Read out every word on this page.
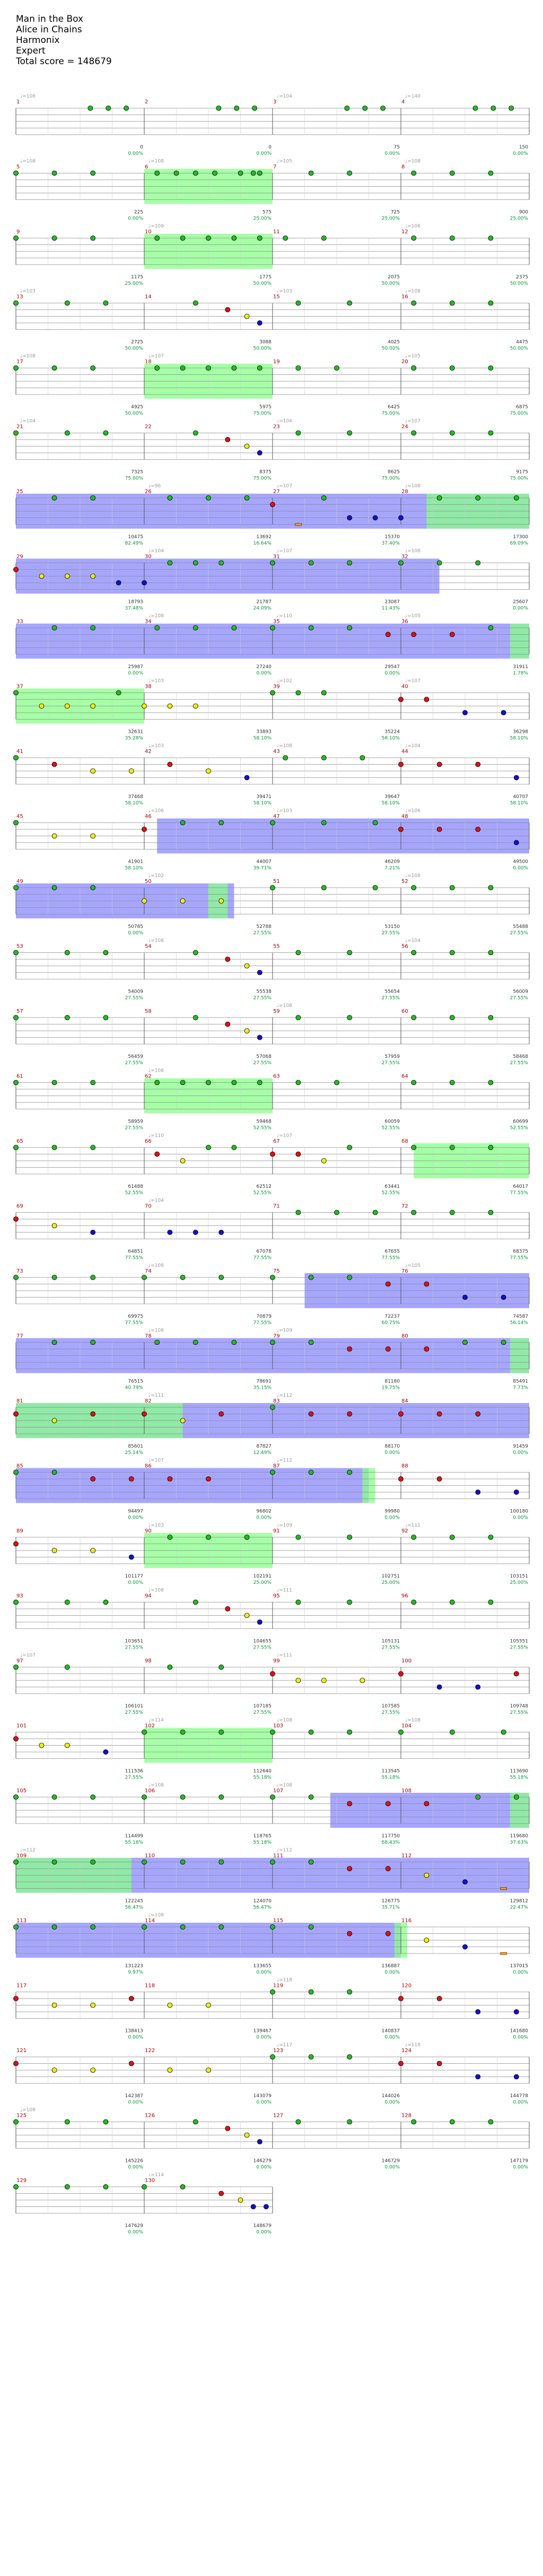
Man in the Box
Alice in Chains
Harmonix
Expert
Total score = 148679
1
♩=108
0
0.00%
2
0
0.00%
3
♩=104
75
0.00%
4
♩=140
150
0.00%
5
♩=108
225
0.00%
6
♩=108
575
25.00%
7
♩=105
725
25.00%
8
♩=108
900
25.00%
9
1175
25.00%
10
♩=109
1775
50.00%
11
2075
50.00%
12
♩=106
2375
50.00%
13
♩=103
2725
50.00%
14
3088
50.00%
15
♩=103
4025
50.00%
16
♩=108
4475
50.00%
17
♩=108
4925
50.00%
18
♩=107
5975
75.00%
19
6425
75.00%
20
♩=105
6875
75.00%
21
♩=104
7325
75.00%
22
8375
75.00%
23
♩=104
8625
75.00%
24
♩=107
9175
75.00%
25
10475
82.49%
26
♩=96
13692
16.64%
27
♩=107
15370
37.40%
28
♩=108
17300
69.09%
29
18793
37.48%
30
♩=104
21787
24.09%
31
♩=107
23087
11.43%
32
♩=108
25607
0.00%
33
25987
0.00%
34
♩=108
27240
0.00%
35
♩=110
29547
0.00%
36
♩=105
31911
1.78%
37
32631
35.28%
38
♩=103
33893
58.10%
39
♩=102
35224
58.10%
40
♩=107
36298
58.10%
41
37468
58.10%
42
♩=103
39471
58.10%
43
♩=108
39647
58.10%
44
♩=104
40707
58.10%
45
41901
58.10%
46
♩=106
44007
39.71%
47
♩=103
46209
7.21%
48
♩=106
49500
0.00%
49
50785
0.00%
50
♩=102
52788
27.55%
51
53150
27.55%
52
♩=108
55488
27.55%
53
54009
27.55%
54
♩=108
55538
27.55%
55
55654
27.55%
56
♩=104
56009
27.55%
57
56459
27.55%
58
57068
27.55%
59
♩=108
57959
27.55%
60
58468
27.55%
61
58959
27.55%
62
♩=108
59468
52.55%
63
60059
52.55%
64
60699
52.55%
65
61488
52.55%
66
♩=110
62512
52.55%
67
♩=107
63441
52.55%
68
64017
77.55%
69
64851
77.55%
70
♩=104
67078
77.55%
71
67655
77.55%
72
68375
77.55%
73
69975
77.55%
74
♩=108
70879
77.55%
75
72237
60.75%
76
♩=105
74587
56.14%
77
76515
40.79%
78
♩=108
78691
35.15%
79
♩=109
81180
19.75%
80
85491
7.73%
81
85601
25.14%
82
♩=111
87827
12.49%
83
♩=112
88170
0.00%
84
91459
0.00%
85
94497
0.00%
86
♩=107
96802
0.00%
87
♩=112
99980
0.00%
88
100180
0.00%
89
101177
0.00%
90
♩=103
102191
25.00%
91
♩=109
102751
25.00%
92
♩=111
103151
25.00%
93
103651
27.55%
94
♩=108
104655
27.55%
95
♩=111
105131
27.55%
96
105551
27.55%
97
♩=107
106101
27.55%
98
107185
27.55%
99
♩=111
107585
27.55%
100
109748
27.55%
101
111536
27.55%
102
♩=114
112640
55.18%
103
♩=108
113545
55.18%
104
♩=108
113690
55.18%
105
114499
55.18%
106
♩=108
118765
55.18%
107
♩=108
117750
68.43%
108
119680
37.63%
109
♩=112
122245
56.47%
110
124070
56.47%
111
♩=112
126775
35.71%
112
129812
22.47%
113
131223
9.97%
114
♩=108
133655
0.00%
115
136887
0.00%
116
137015
0.00%
117
138413
0.00%
118
139467
0.00%
119
♩=118
140837
0.00%
120
141680
0.00%
121
142387
0.00%
122
143079
0.00%
123
♩=117
144026
0.00%
124
♩=118
144778
0.00%
125
♩=108
145226
0.00%
126
146279
0.00%
127
146729
0.00%
128
147179
0.00%
129
147629
0.00%
130
♩=114
148679
0.00%
